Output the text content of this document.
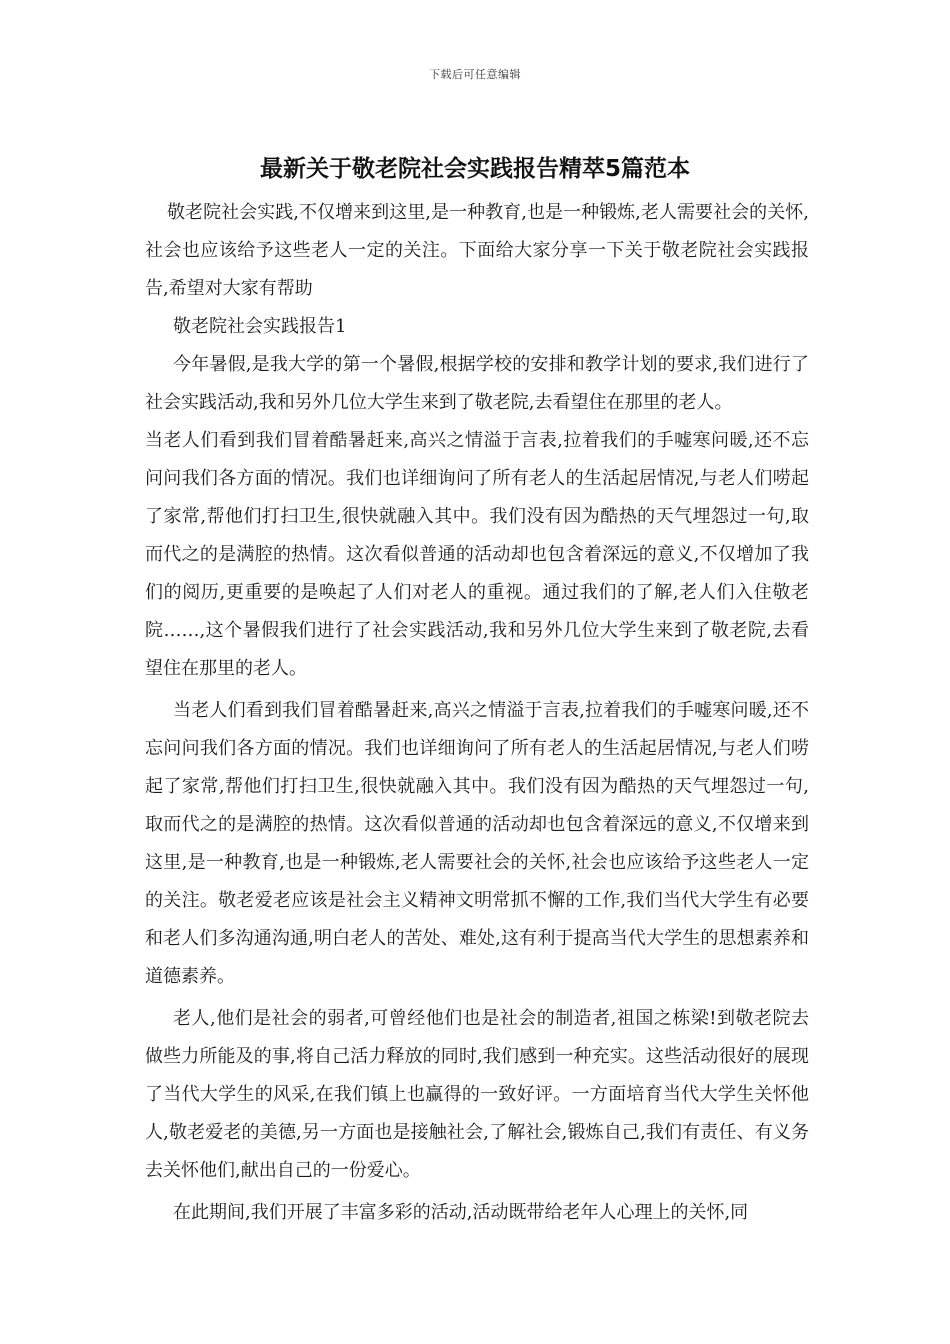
下载后可任意编辑
最新关于敬老院社会实践报告精萃5篇范本

敬老院社会实践,不仅增来到这里,是一种教育,也是一种锻炼,老人需要社会的关怀,社会也应该给予这些老人一定的关注。下面给大家分享一下关于敬老院社会实践报告,希望对大家有帮助

敬老院社会实践报告1

今年暑假,是我大学的第一个暑假,根据学校的安排和教学计划的要求,我们进行了社会实践活动,我和另外几位大学生来到了敬老院,去看望住在那里的老人。

当老人们看到我们冒着酷暑赶来,高兴之情溢于言表,拉着我们的手嘘寒问暖,还不忘问问我们各方面的情况。我们也详细询问了所有老人的生活起居情况,与老人们唠起了家常,帮他们打扫卫生,很快就融入其中。我们没有因为酷热的天气埋怨过一句,取而代之的是满腔的热情。这次看似普通的活动却也包含着深远的意义,不仅增加了我们的阅历,更重要的是唤起了人们对老人的重视。通过我们的了解,老人们入住敬老院……,这个暑假我们进行了社会实践活动,我和另外几位大学生来到了敬老院,去看望住在那里的老人。

当老人们看到我们冒着酷暑赶来,高兴之情溢于言表,拉着我们的手嘘寒问暖,还不忘问问我们各方面的情况。我们也详细询问了所有老人的生活起居情况,与老人们唠起了家常,帮他们打扫卫生,很快就融入其中。我们没有因为酷热的天气埋怨过一句,取而代之的是满腔的热情。这次看似普通的活动却也包含着深远的意义,不仅增来到这里,是一种教育,也是一种锻炼,老人需要社会的关怀,社会也应该给予这些老人一定的关注。敬老爱老应该是社会主义精神文明常抓不懈的工作,我们当代大学生有必要和老人们多沟通沟通,明白老人的苦处、难处,这有利于提高当代大学生的思想素养和道德素养。

老人,他们是社会的弱者,可曾经他们也是社会的制造者,祖国之栋梁!到敬老院去做些力所能及的事,将自己活力释放的同时,我们感到一种充实。这些活动很好的展现了当代大学生的风采,在我们镇上也赢得的一致好评。一方面培育当代大学生关怀他人,敬老爱老的美德,另一方面也是接触社会,了解社会,锻炼自己,我们有责任、有义务去关怀他们,献出自己的一份爱心。

在此期间,我们开展了丰富多彩的活动,活动既带给老年人心理上的关怀,同
